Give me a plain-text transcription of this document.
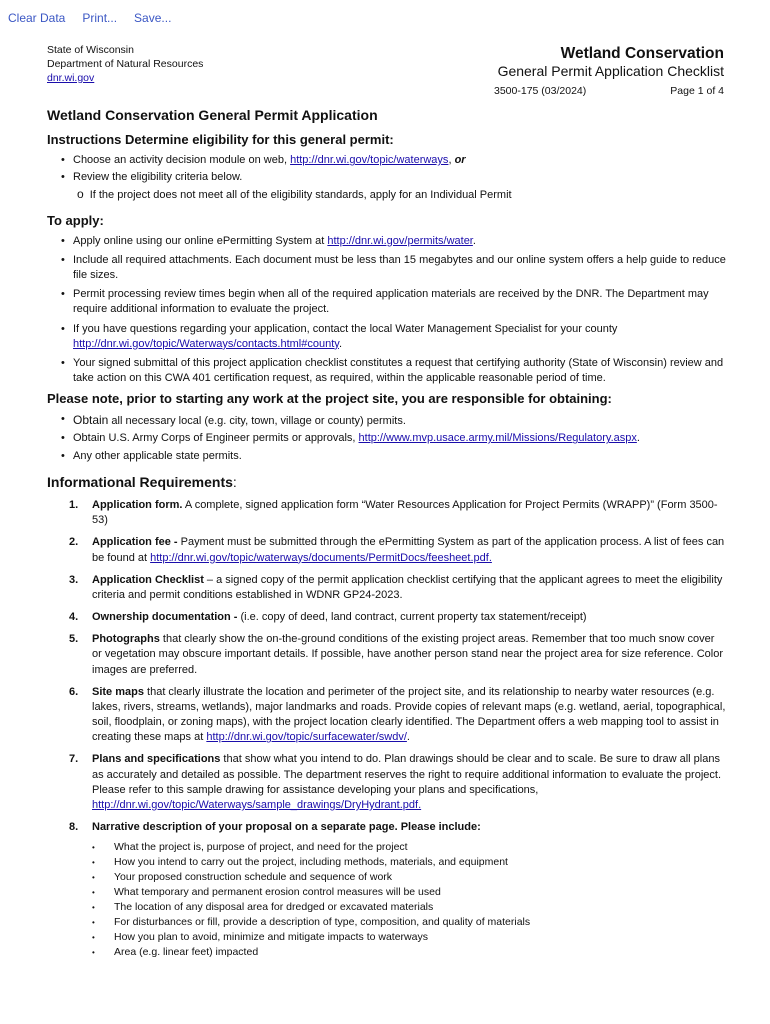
Clear Data Print... Save...
State of Wisconsin
Department of Natural Resources
dnr.wi.gov
Wetland Conservation
General Permit Application Checklist
3500-175 (03/2024)	Page 1 of 4
Wetland Conservation General Permit Application
Instructions Determine eligibility for this general permit:
• Choose an activity decision module on web, http://dnr.wi.gov/topic/waterways, or
• Review the eligibility criteria below.
o If the project does not meet all of the eligibility standards, apply for an Individual Permit
To apply:
• Apply online using our online ePermitting System at http://dnr.wi.gov/permits/water.
• Include all required attachments. Each document must be less than 15 megabytes and our online system offers a help guide to reduce file sizes.
• Permit processing review times begin when all of the required application materials are received by the DNR. The Department may require additional information to evaluate the project.
• If you have questions regarding your application, contact the local Water Management Specialist for your county http://dnr.wi.gov/topic/Waterways/contacts.html#county.
• Your signed submittal of this project application checklist constitutes a request that certifying authority (State of Wisconsin) review and take action on this CWA 401 certification request, as required, within the applicable reasonable period of time.
Please note, prior to starting any work at the project site, you are responsible for obtaining:
• Obtain all necessary local (e.g. city, town, village or county) permits.
• Obtain U.S. Army Corps of Engineer permits or approvals, http://www.mvp.usace.army.mil/Missions/Regulatory.aspx.
• Any other applicable state permits.
Informational Requirements:
1. Application form. A complete, signed application form “Water Resources Application for Project Permits (WRAPP)” (Form 3500-53)
2. Application fee - Payment must be submitted through the ePermitting System as part of the application process. A list of fees can be found at http://dnr.wi.gov/topic/waterways/documents/PermitDocs/feesheet.pdf.
3. Application Checklist – a signed copy of the permit application checklist certifying that the applicant agrees to meet the eligibility criteria and permit conditions established in WDNR GP24-2023.
4. Ownership documentation - (i.e. copy of deed, land contract, current property tax statement/receipt)
5. Photographs that clearly show the on-the-ground conditions of the existing project areas. Remember that too much snow cover or vegetation may obscure important details. If possible, have another person stand near the project area for size reference. Color images are preferred.
6. Site maps that clearly illustrate the location and perimeter of the project site, and its relationship to nearby water resources (e.g. lakes, rivers, streams, wetlands), major landmarks and roads. Provide copies of relevant maps (e.g. wetland, aerial, topographical, soil, floodplain, or zoning maps), with the project location clearly identified. The Department offers a web mapping tool to assist in creating these maps at http://dnr.wi.gov/topic/surfacewater/swdv/.
7. Plans and specifications that show what you intend to do. Plan drawings should be clear and to scale. Be sure to draw all plans as accurately and detailed as possible. The department reserves the right to require additional information to evaluate the project. Please refer to this sample drawing for assistance developing your plans and specifications, http://dnr.wi.gov/topic/Waterways/sample_drawings/DryHydrant.pdf.
8. Narrative description of your proposal on a separate page. Please include:
• What the project is, purpose of project, and need for the project
• How you intend to carry out the project, including methods, materials, and equipment
• Your proposed construction schedule and sequence of work
• What temporary and permanent erosion control measures will be used
• The location of any disposal area for dredged or excavated materials
• For disturbances or fill, provide a description of type, composition, and quality of materials
• How you plan to avoid, minimize and mitigate impacts to waterways
• Area (e.g. linear feet) impacted
